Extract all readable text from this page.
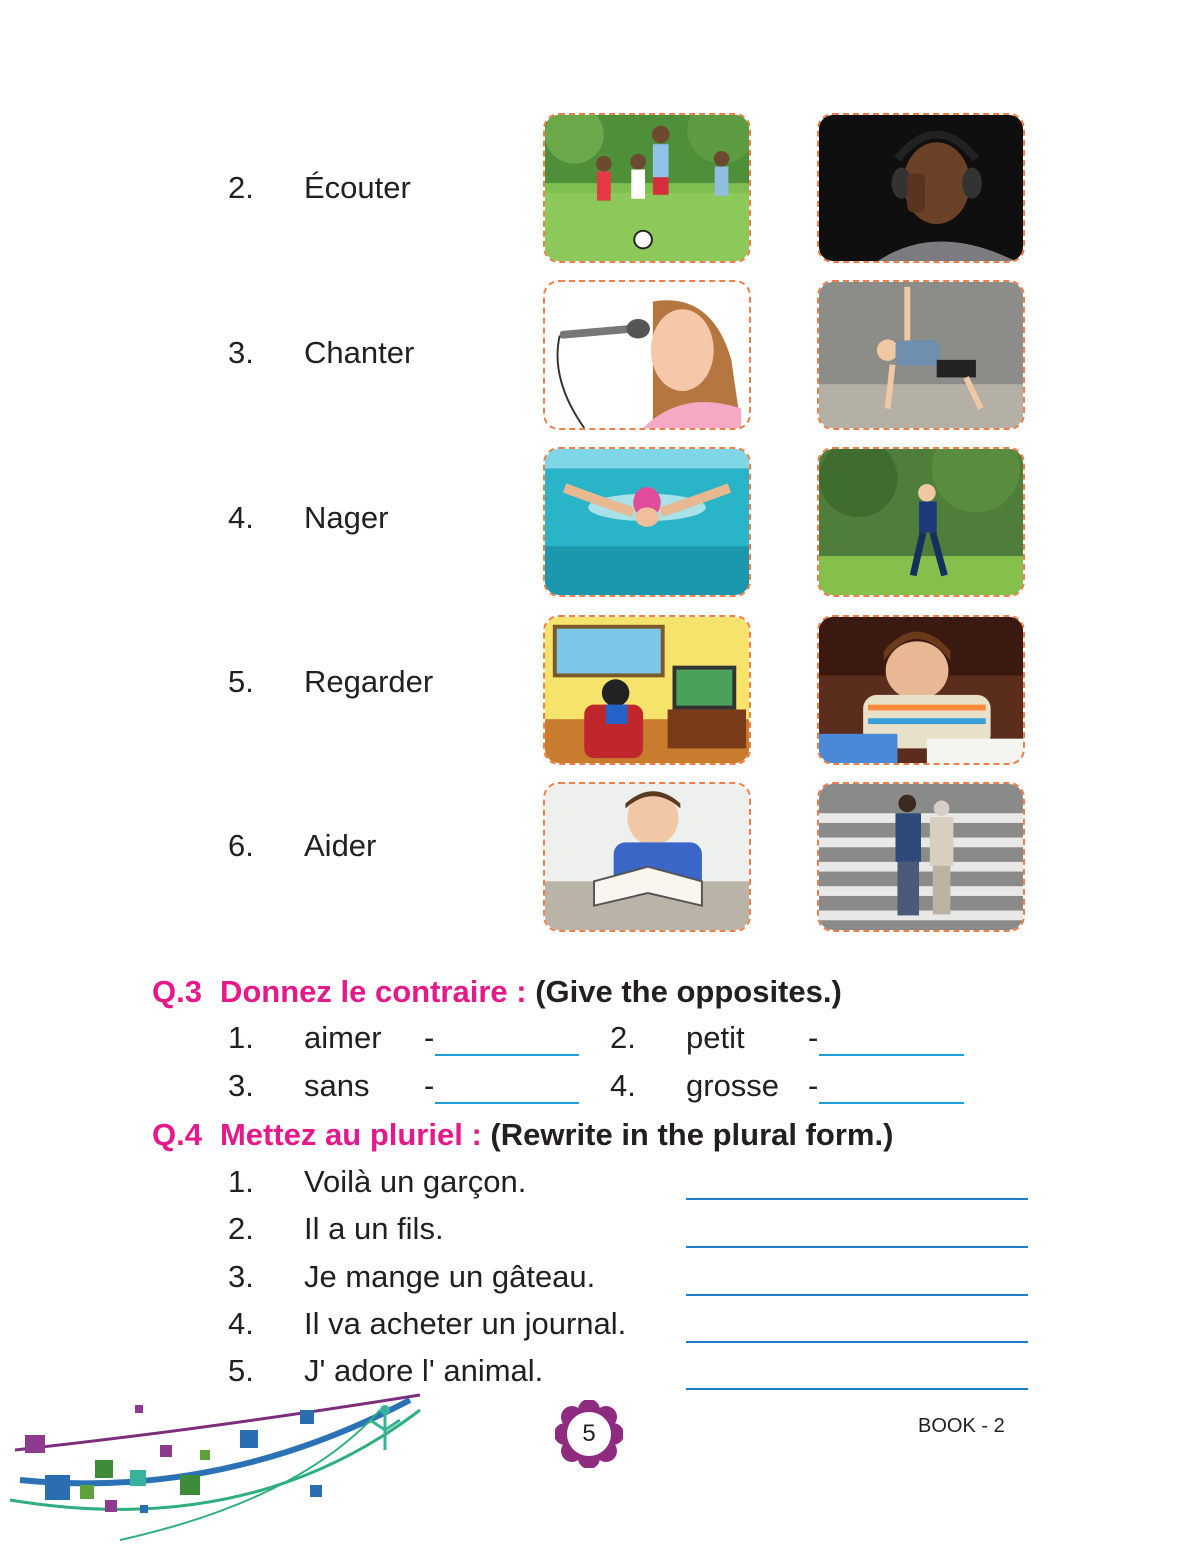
2. Écouter
3. Chanter
4. Nager
5. Regarder
6. Aider
Q.3 Donnez le contraire : (Give the opposites.)
1. aimer -	2. petit -
3. sans -	4. grosse -
Q.4 Mettez au pluriel : (Rewrite in the plural form.)
1. Voilà un garçon.
2. Il a un fils.
3. Je mange un gâteau.
4. Il va acheter un journal.
5. J' adore l' animal.
5	BOOK - 2
